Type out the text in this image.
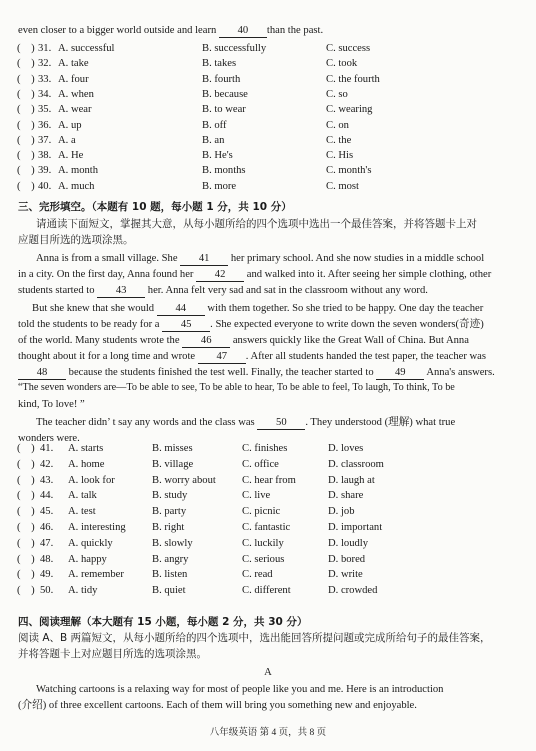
even closer to a bigger world outside and learn 40 than the past.
(    ) 31. A. successful	B. successfully	C. success
(    ) 32. A. take	B. takes	C. took
(    ) 33. A. four	B. fourth	C. the fourth
(    ) 34. A. when	B. because	C. so
(    ) 35. A. wear	B. to wear	C. wearing
(    ) 36. A. up	B. off	C. on
(    ) 37. A. a	B. an	C. the
(    ) 38. A. He	B. He's	C. His
(    ) 39. A. month	B. months	C. month's
(    ) 40. A. much	B. more	C. most
三、完形填空。（本题有 10 题，每小题 1 分，共 10 分）
请通读下面短文，掌握其大意，从每小题所给的四个选项中选出一个最佳答案，并将答题卡上对
应题目所选的选项涂黑。
Anna is from a small village. She 41 her primary school. And she now studies in a middle school
in a city. On the first day, Anna found her 42 and walked into it. After seeing her simple clothing, other
students started to 43 her. Anna felt very sad and sat in the classroom without any word.
But she knew that she would 44 with them together. So she tried to be happy. One day the teacher
told the students to be ready for a 45 . She expected everyone to write down the seven wonders(奇迹)
of the world. Many students wrote the 46 answers quickly like the Great Wall of China. But Anna
thought about it for a long time and wrote 47 . After all students handed the test paper, the teacher was
48 because the students finished the test well. Finally, the teacher started to 49 Anna's answers.
“The seven wonders are—To be able to see, To be able to hear, To be able to feel, To laugh, To think, To be
kind, To love! ”
The teacher didn’ t say any words and the class was 50 . They understood (理解) what true
wonders were.
(    ) 41. A. starts	B. misses	C. finishes	D. loves
(    ) 42. A. home	B. village	C. office	D. classroom
(    ) 43. A. look for	B. worry about C. hear from	D. laugh at
(    ) 44. A. talk	B. study	C. live	D. share
(    ) 45. A. test	B. party	C. picnic	D. job
(    ) 46. A. interesting B. right	C. fantastic	D. important
(    ) 47. A. quickly	B. slowly	C. luckily	D. loudly
(    ) 48. A. happy	B. angry	C. serious	D. bored
(    ) 49. A. remember	B. listen	C. read	D. write
(    ) 50. A. tidy	B. quiet	C. different	D. crowded
四、阅读理解（本大题有 15 小题，每小题 2 分，共 30 分）
阅读 A、B 两篇短文，从每小题所给的四个选项中，选出能回答所提问题或完成所给句子的最佳答案，
并将答题卡上对应题目所选的选项涂黑。
A
Watching cartoons is a relaxing way for most of people like you and me. Here is an introduction
(介绍) of three excellent cartoons. Each of them will bring you something new and enjoyable.
八年级英语 第 4 页，共 8 页
